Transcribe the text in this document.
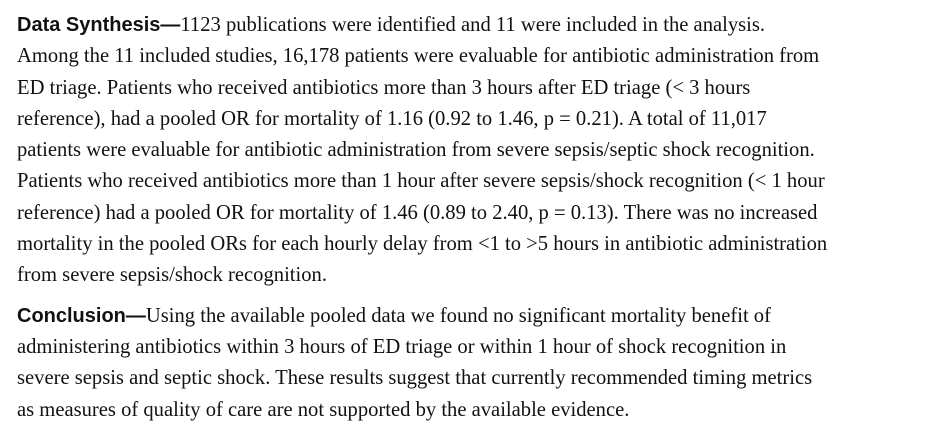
Data Synthesis—1123 publications were identified and 11 were included in the analysis.
Among the 11 included studies, 16,178 patients were evaluable for antibiotic administration from
ED triage. Patients who received antibiotics more than 3 hours after ED triage (< 3 hours
reference), had a pooled OR for mortality of 1.16 (0.92 to 1.46, p = 0.21). A total of 11,017
patients were evaluable for antibiotic administration from severe sepsis/septic shock recognition.
Patients who received antibiotics more than 1 hour after severe sepsis/shock recognition (< 1 hour
reference) had a pooled OR for mortality of 1.46 (0.89 to 2.40, p = 0.13). There was no increased
mortality in the pooled ORs for each hourly delay from <1 to >5 hours in antibiotic administration
from severe sepsis/shock recognition.

Conclusion—Using the available pooled data we found no significant mortality benefit of
administering antibiotics within 3 hours of ED triage or within 1 hour of shock recognition in
severe sepsis and septic shock. These results suggest that currently recommended timing metrics
as measures of quality of care are not supported by the available evidence.
